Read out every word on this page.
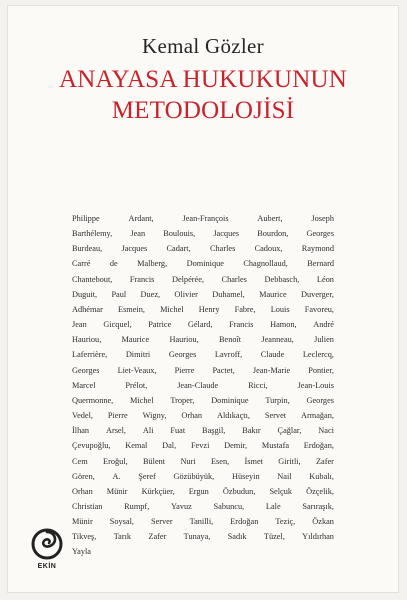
Kemal Gözler
ANAYASA HUKUKUNUN
METODOLOJİSİ
Philippe	Ardant,	Jean-François	Aubert,	Joseph
Barthélemy, Jean Boulouis, Jacques Bourdon, Georges
Burdeau, Jacques Cadart, Charles Cadoux, Raymond
Carré de Malberg, Dominique Chagnollaud, Bernard
Chantebout, Francis Delpérée, Charles Debbasch, Léon
Duguit, Paul Duez, Olivier Duhamel, Maurice Duverger,
Adhémar Esmein, Michel Henry Fabre, Louis Favoreu,
Jean Gicquel, Patrice Gélard, Francis Hamon, André
Hauriou, Maurice Hauriou, Benoît Jeanneau, Julien
Laferrière, Dimitri Georges Lavroff, Claude Leclercq,
Georges Liet-Veaux, Pierre Pactet, Jean-Marie Pontier,
Marcel	Prélot,	Jean-Claude	Ricci,	Jean-Louis
Quermonne, Michel Troper, Dominique Turpin, Georges
Vedel, Pierre Wigny, Orhan Aldıkaçtı, Servet Armağan,
İlhan Arsel, Ali Fuat Başgil, Bakır Çağlar, Naci
Çevupoğlu, Kemal Dal, Fevzi Demir, Mustafa Erdoğan,
Cem Eroğul, Bülent Nuri Esen, İsmet Giritli, Zafer
Gören, A. Şeref Gözübüyük, Hüseyin Nail Kubalı,
Orhan Münir Kürkçüer, Ergun Özbudun, Selçuk Özçelik,
Christian	Rumpf,	Yavuz	Sabuncu,	Lale	Sarıraşık,
Münir Soysal, Server Tanilli, Erdoğan Teziç, Özkan
Tikveş, Tarık Zafer Tunaya, Sadık Tüzel, Yıldırhan
Yayla
EKİN
